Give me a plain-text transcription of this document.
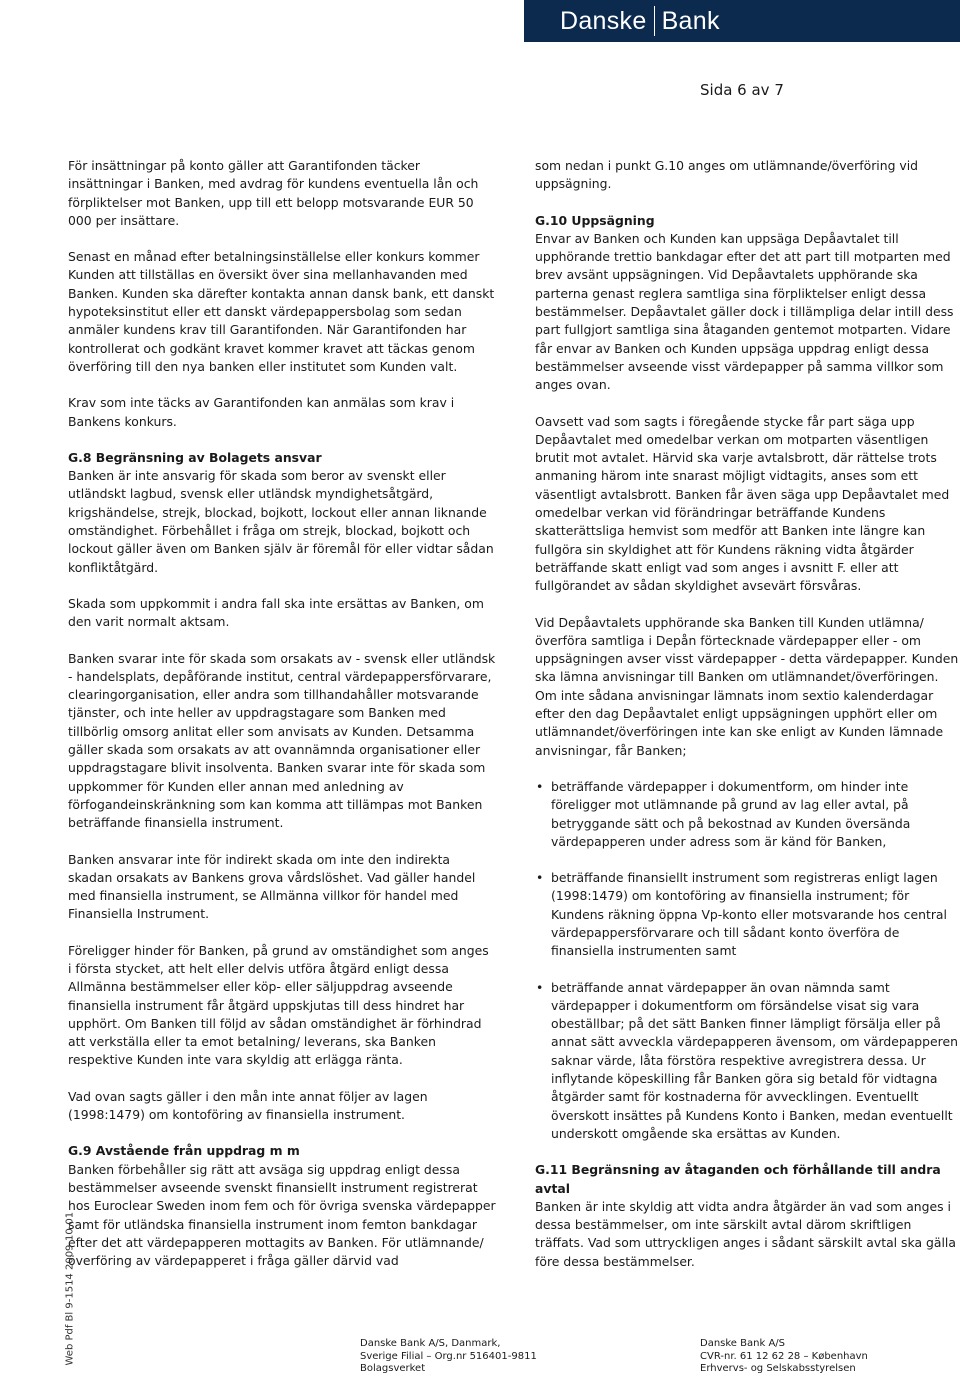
Danske Bank
Sida 6 av 7

För insättningar på konto gäller att Garantifonden täcker insättningar i Banken, med avdrag för kundens eventuella lån och förpliktelser mot Banken, upp till ett belopp motsvarande EUR 50 000 per insättare.

Senast en månad efter betalningsinställelse eller konkurs kommer Kunden att tillställas en översikt över sina mellanhavanden med Banken. Kunden ska därefter kontakta annan dansk bank, ett danskt hypoteksinstitut eller ett danskt värdepappersbolag som sedan anmäler kundens krav till Garantifonden. När Garantifonden har kontrollerat och godkänt kravet kommer kravet att täckas genom överföring till den nya banken eller institutet som Kunden valt.

Krav som inte täcks av Garantifonden kan anmälas som krav i Bankens konkurs.

G.8 Begränsning av Bolagets ansvar

Banken är inte ansvarig för skada som beror av svenskt eller utländskt lagbud, svensk eller utländsk myndighetsåtgärd, krigshändelse, strejk, blockad, bojkott, lockout eller annan liknande omständighet. Förbehållet i fråga om strejk, blockad, bojkott och lockout gäller även om Banken själv är föremål för eller vidtar sådan konfliktåtgärd.

Skada som uppkommit i andra fall ska inte ersättas av Banken, om den varit normalt aktsam.

Banken svarar inte för skada som orsakats av - svensk eller utländsk - handelsplats, depåförande institut, central värdepappersförvarare, clearingorganisation, eller andra som tillhandahåller motsvarande tjänster, och inte heller av uppdragstagare som Banken med tillbörlig omsorg anlitat eller som anvisats av Kunden. Detsamma gäller skada som orsakats av att ovannämnda organisationer eller uppdragstagare blivit insolventa. Banken svarar inte för skada som uppkommer för Kunden eller annan med anledning av förfogandeinskränkning som kan komma att tillämpas mot Banken beträffande finansiella instrument.

Banken ansvarar inte för indirekt skada om inte den indirekta skadan orsakats av Bankens grova vårdslöshet. Vad gäller handel med finansiella instrument, se Allmänna villkor för handel med Finansiella Instrument.

Föreligger hinder för Banken, på grund av omständighet som anges i första stycket, att helt eller delvis utföra åtgärd enligt dessa Allmänna bestämmelser eller köp- eller säljuppdrag avseende finansiella instrument får åtgärd uppskjutas till dess hindret har upphört. Om Banken till följd av sådan omständighet är förhindrad att verkställa eller ta emot betalning/ leverans, ska Banken respektive Kunden inte vara skyldig att erlägga ränta.

Vad ovan sagts gäller i den mån inte annat följer av lagen (1998:1479) om kontoföring av finansiella instrument.

G.9 Avstående från uppdrag m m

Banken förbehåller sig rätt att avsäga sig uppdrag enligt dessa bestämmelser avseende svenskt finansiellt instrument registrerat hos Euroclear Sweden inom fem och för övriga svenska värdepapper samt för utländska finansiella instrument inom femton bankdagar efter det att värdepapperen mottagits av Banken. För utlämnande/överföring av värdepapperet i fråga gäller därvid vad

som nedan i punkt G.10 anges om utlämnande/överföring vid uppsägning.

G.10 Uppsägning

Envar av Banken och Kunden kan uppsäga Depåavtalet till upphörande trettio bankdagar efter det att part till motparten med brev avsänt uppsägningen. Vid Depåavtalets upphörande ska parterna genast reglera samtliga sina förpliktelser enligt dessa bestämmelser. Depåavtalet gäller dock i tillämpliga delar intill dess part fullgjort samtliga sina åtaganden gentemot motparten. Vidare får envar av Banken och Kunden uppsäga uppdrag enligt dessa bestämmelser avseende visst värdepapper på samma villkor som anges ovan.

Oavsett vad som sagts i föregående stycke får part säga upp Depåavtalet med omedelbar verkan om motparten väsentligen brutit mot avtalet. Härvid ska varje avtalsbrott, där rättelse trots anmaning härom inte snarast möjligt vidtagits, anses som ett väsentligt avtalsbrott. Banken får även säga upp Depåavtalet med omedelbar verkan vid förändringar beträffande Kundens skatterättsliga hemvist som medför att Banken inte längre kan fullgöra sin skyldighet att för Kundens räkning vidta åtgärder beträffande skatt enligt vad som anges i avsnitt F. eller att fullgörandet av sådan skyldighet avsevärt försvåras.

Vid Depåavtalets upphörande ska Banken till Kunden utlämna/överföra samtliga i Depån förtecknade värdepapper eller - om uppsägningen avser visst värdepapper - detta värdepapper. Kunden ska lämna anvisningar till Banken om utlämnandet/överföringen. Om inte sådana anvisningar lämnats inom sextio kalenderdagar efter den dag Depåavtalet enligt uppsägningen upphört eller om utlämnandet/överföringen inte kan ske enligt av Kunden lämnade anvisningar, får Banken;

• beträffande värdepapper i dokumentform, om hinder inte föreligger mot utlämnande på grund av lag eller avtal, på betryggande sätt och på bekostnad av Kunden översända värdepapperen under adress som är känd för Banken,
• beträffande finansiellt instrument som registreras enligt lagen (1998:1479) om kontoföring av finansiella instrument; för Kundens räkning öppna Vp-konto eller motsvarande hos central värdepappersförvarare och till sådant konto överföra de finansiella instrumenten samt
• beträffande annat värdepapper än ovan nämnda samt värdepapper i dokumentform om försändelse visat sig vara obeställbar; på det sätt Banken finner lämpligt försälja eller på annat sätt avveckla värdepapperen ävensom, om värdepapperen saknar värde, låta förstöra respektive avregistrera dessa. Ur inflytande köpeskilling får Banken göra sig betald för vidtagna åtgärder samt för kostnaderna för avvecklingen. Eventuellt överskott insättes på Kundens Konto i Banken, medan eventuellt underskott omgående ska ersättas av Kunden.
G.11 Begränsning av åtaganden och förhållande till andra avtal

Banken är inte skyldig att vidta andra åtgärder än vad som anges i dessa bestämmelser, om inte särskilt avtal därom skriftligen träffats. Vad som uttryckligen anges i sådant särskilt avtal ska gälla före dessa bestämmelser.

Web Pdf Bl 9-1514 2009-10-01	Danske Bank A/S, Danmark,
Sverige Filial – Org.nr 516401-9811
Bolagsverket
Danske Bank A/S
CVR-nr. 61 12 62 28 – København
Erhvervs- og Selskabsstyrelsen
